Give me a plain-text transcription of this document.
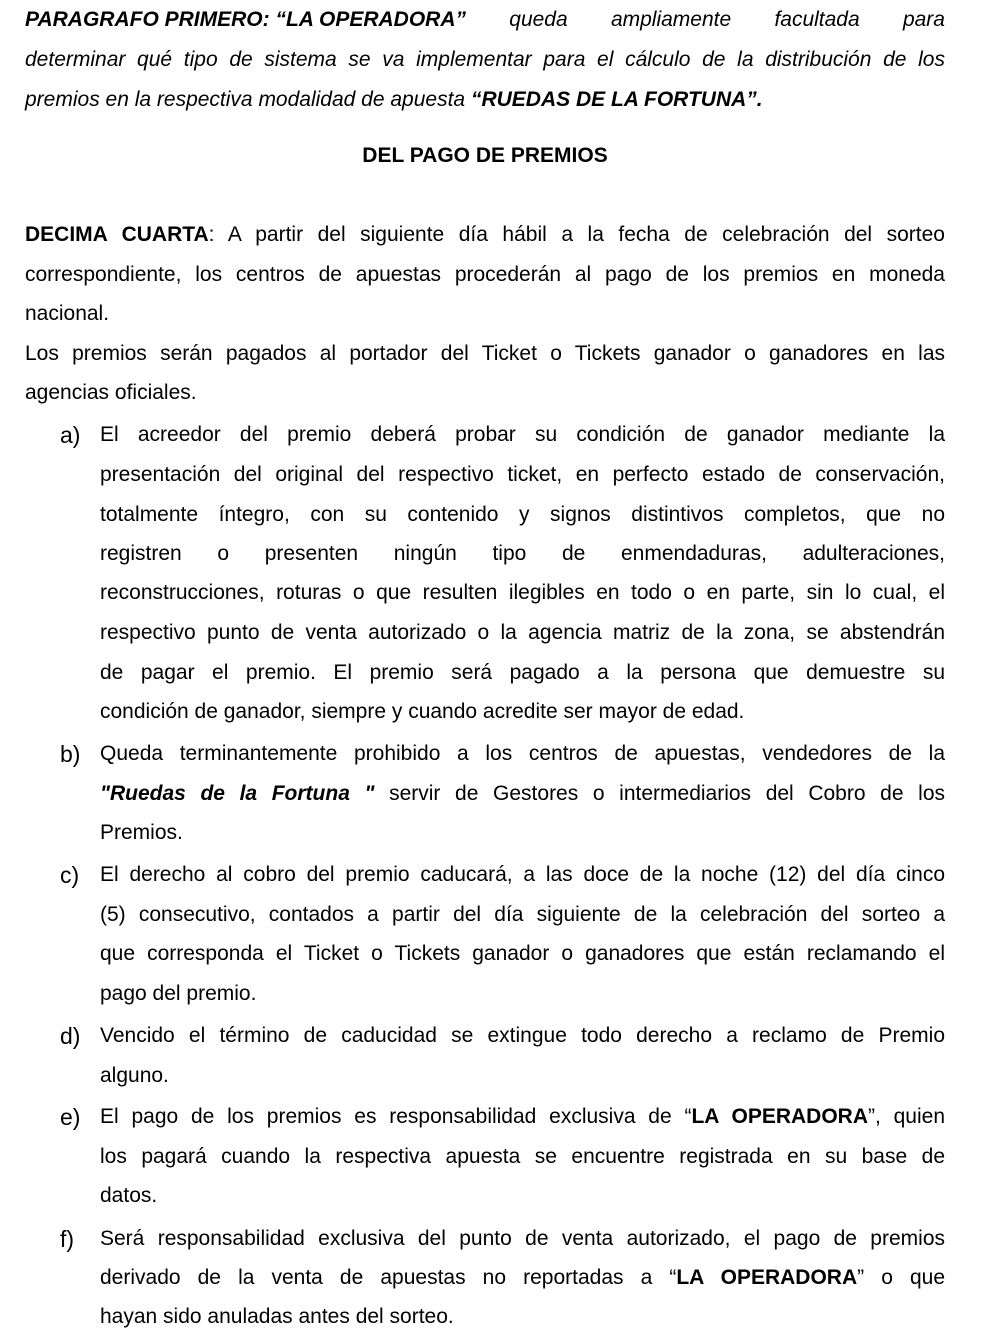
PARAGRAFO PRIMERO: “LA OPERADORA” queda ampliamente facultada para
determinar qué tipo de sistema se va implementar para el cálculo de la distribución de los
premios en la respectiva modalidad de apuesta “RUEDAS DE LA FORTUNA”.
DEL PAGO DE PREMIOS
DECIMA CUARTA: A partir del siguiente día hábil a la fecha de celebración del sorteo
correspondiente, los centros de apuestas procederán al pago de los premios en moneda
nacional.
Los premios serán pagados al portador del Ticket o Tickets ganador o ganadores en las
agencias oficiales.
a) El acreedor del premio deberá probar su condición de ganador mediante la
presentación del original del respectivo ticket, en perfecto estado de conservación,
totalmente íntegro, con su contenido y signos distintivos completos, que no
registren o presenten ningún tipo de enmendaduras, adulteraciones,
reconstrucciones, roturas o que resulten ilegibles en todo o en parte, sin lo cual, el
respectivo punto de venta autorizado o la agencia matriz de la zona, se abstendrán
de pagar el premio. El premio será pagado a la persona que demuestre su
condición de ganador, siempre y cuando acredite ser mayor de edad.
b) Queda terminantemente prohibido a los centros de apuestas, vendedores de la
"Ruedas de la Fortuna " servir de Gestores o intermediarios del Cobro de los
Premios.
c) El derecho al cobro del premio caducará, a las doce de la noche (12) del día cinco
(5) consecutivo, contados a partir del día siguiente de la celebración del sorteo a
que corresponda el Ticket o Tickets ganador o ganadores que están reclamando el
pago del premio.
d) Vencido el término de caducidad se extingue todo derecho a reclamo de Premio
alguno.
e) El pago de los premios es responsabilidad exclusiva de “LA OPERADORA”, quien
los pagará cuando la respectiva apuesta se encuentre registrada en su base de
datos.
f)	Será responsabilidad exclusiva del punto de venta autorizado, el pago de premios
derivado de la venta de apuestas no reportadas a “LA OPERADORA” o que
hayan sido anuladas antes del sorteo.
